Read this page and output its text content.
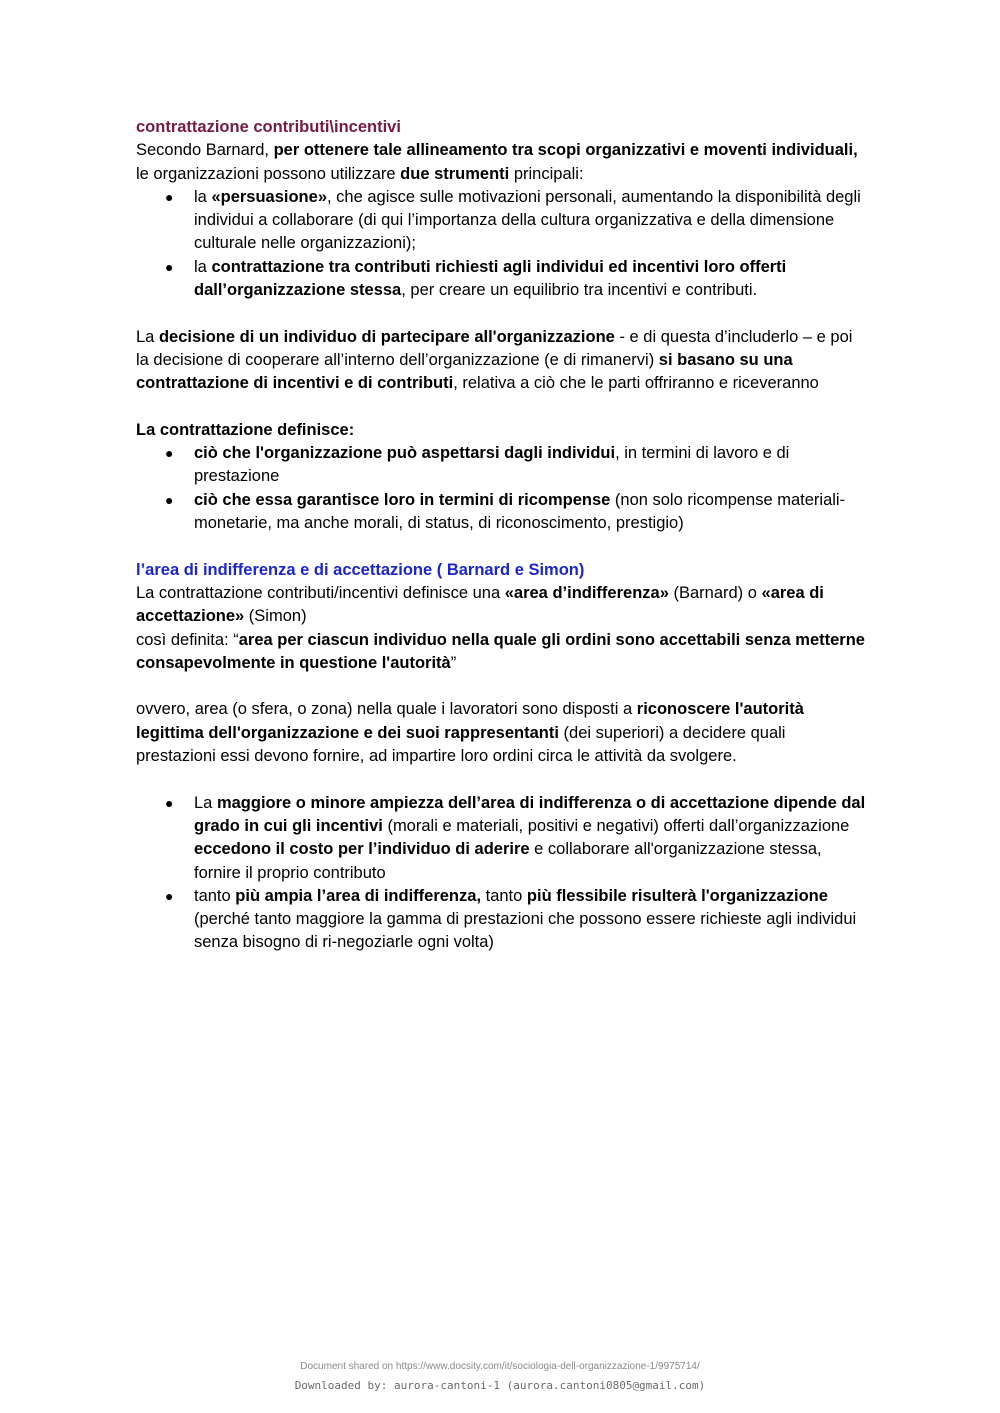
contrattazione contributi\incentivi

Secondo Barnard, per ottenere tale allineamento tra scopi organizzativi e moventi individuali, le organizzazioni possono utilizzare due strumenti principali:

● la «persuasione», che agisce sulle motivazioni personali, aumentando la disponibilità degli individui a collaborare (di qui l’importanza della cultura organizzativa e della dimensione culturale nelle organizzazioni);
● la contrattazione tra contributi richiesti agli individui ed incentivi loro offerti dall’organizzazione stessa, per creare un equilibrio tra incentivi e contributi.

La decisione di un individuo di partecipare all'organizzazione - e di questa d’includerlo – e poi la decisione di cooperare all’interno dell’organizzazione (e di rimanervi) si basano su una contrattazione di incentivi e di contributi, relativa a ciò che le parti offriranno e riceveranno

La contrattazione definisce:
● ciò che l'organizzazione può aspettarsi dagli individui, in termini di lavoro e di prestazione
● ciò che essa garantisce loro in termini di ricompense (non solo ricompense materiali-monetarie, ma anche morali, di status, di riconoscimento, prestigio)
l’area di indifferenza e di accettazione ( Barnard e Simon)

La contrattazione contributi/incentivi definisce una «area d’indifferenza» (Barnard) o «area di accettazione» (Simon)

così definita: “area per ciascun individuo nella quale gli ordini sono accettabili senza metterne consapevolmente in questione l'autorità”

ovvero, area (o sfera, o zona) nella quale i lavoratori sono disposti a riconoscere l'autorità legittima dell'organizzazione e dei suoi rappresentanti (dei superiori) a decidere quali prestazioni essi devono fornire, ad impartire loro ordini circa le attività da svolgere.

● La maggiore o minore ampiezza dell’area di indifferenza o di accettazione dipende dal grado in cui gli incentivi (morali e materiali, positivi e negativi) offerti dall’organizzazione eccedono il costo per l’individuo di aderire e collaborare all'organizzazione stessa, fornire il proprio contributo
● tanto più ampia l’area di indifferenza, tanto più flessibile risulterà l'organizzazione (perché tanto maggiore la gamma di prestazioni che possono essere richieste agli individui senza bisogno di ri-negoziarle ogni volta)
Document shared on https://www.docsity.com/it/sociologia-dell-organizzazione-1/9975714/
Downloaded by: aurora-cantoni-1 (aurora.cantoni0805@gmail.com)
